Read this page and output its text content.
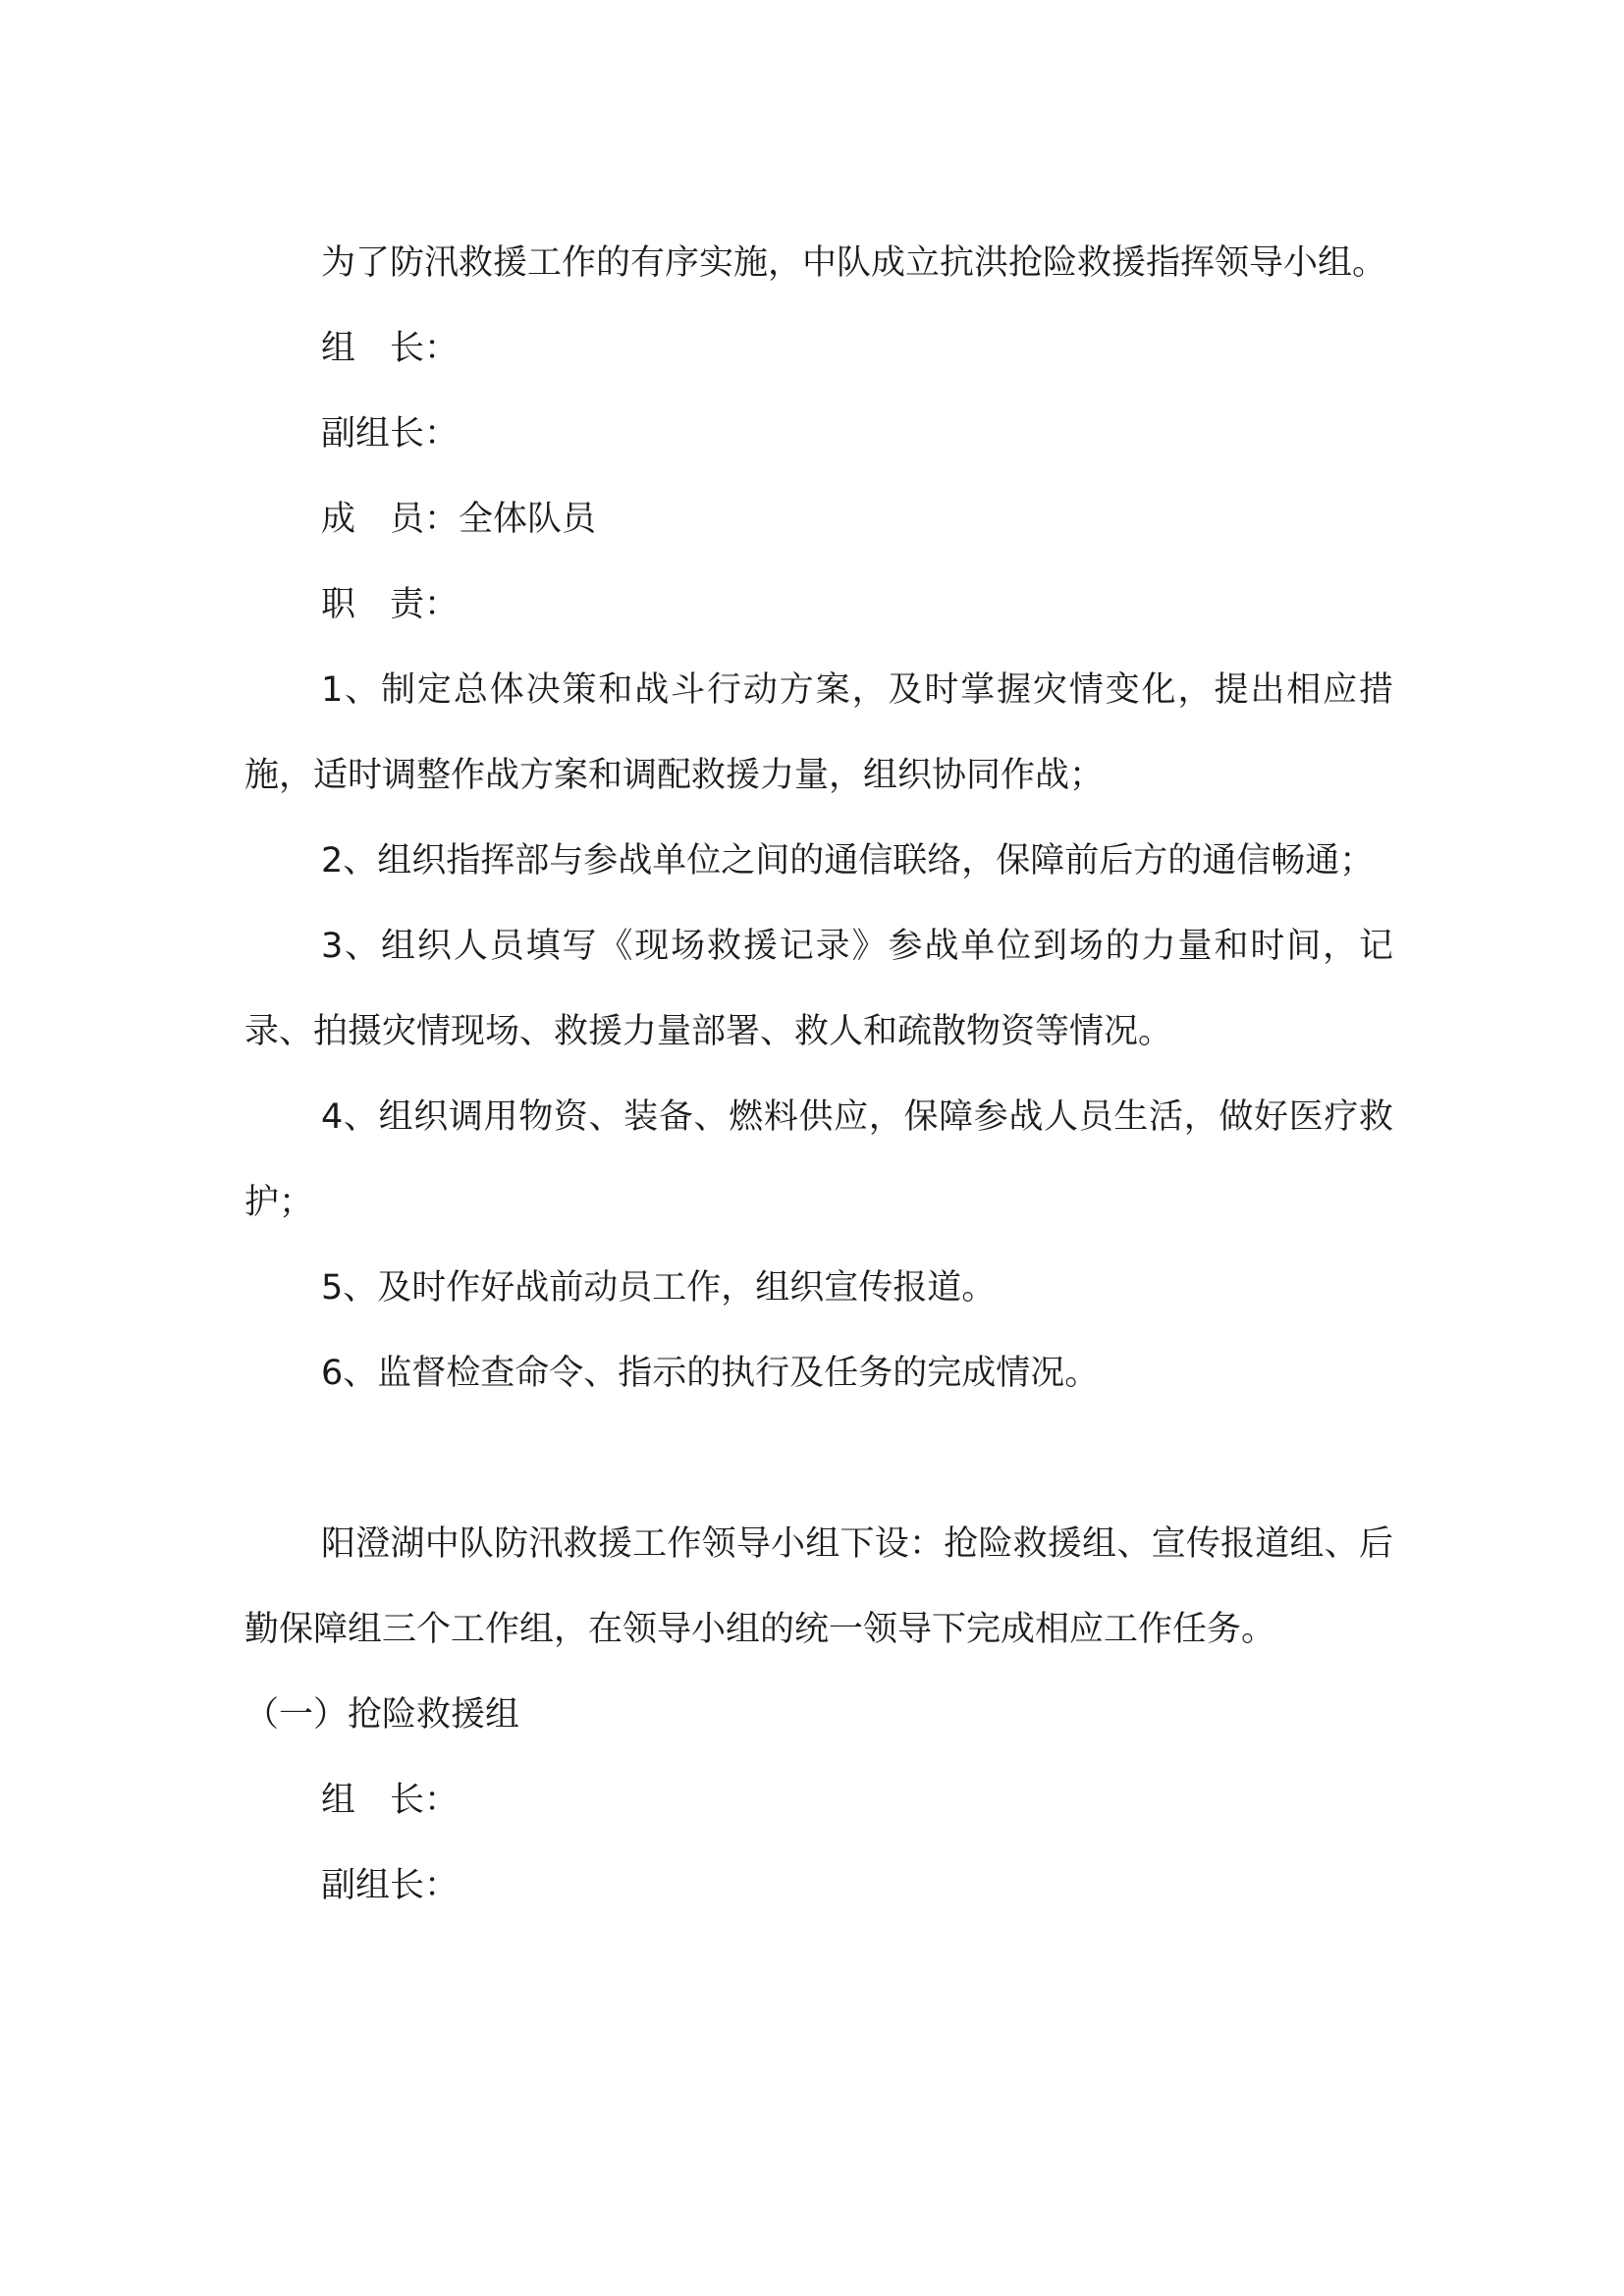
为了防汛救援工作的有序实施，中队成立抗洪抢险救援指挥领导小组。

组　长：

副组长：

成　员：全体队员

职　责：

1、制定总体决策和战斗行动方案，及时掌握灾情变化，提出相应措施，适时调整作战方案和调配救援力量，组织协同作战；

2、组织指挥部与参战单位之间的通信联络，保障前后方的通信畅通；

3、组织人员填写《现场救援记录》参战单位到场的力量和时间，记录、拍摄灾情现场、救援力量部署、救人和疏散物资等情况。

4、组织调用物资、装备、燃料供应，保障参战人员生活，做好医疗救护；

5、及时作好战前动员工作，组织宣传报道。

6、监督检查命令、指示的执行及任务的完成情况。

阳澄湖中队防汛救援工作领导小组下设：抢险救援组、宣传报道组、后勤保障组三个工作组，在领导小组的统一领导下完成相应工作任务。

（一）抢险救援组

组　长：

副组长：
